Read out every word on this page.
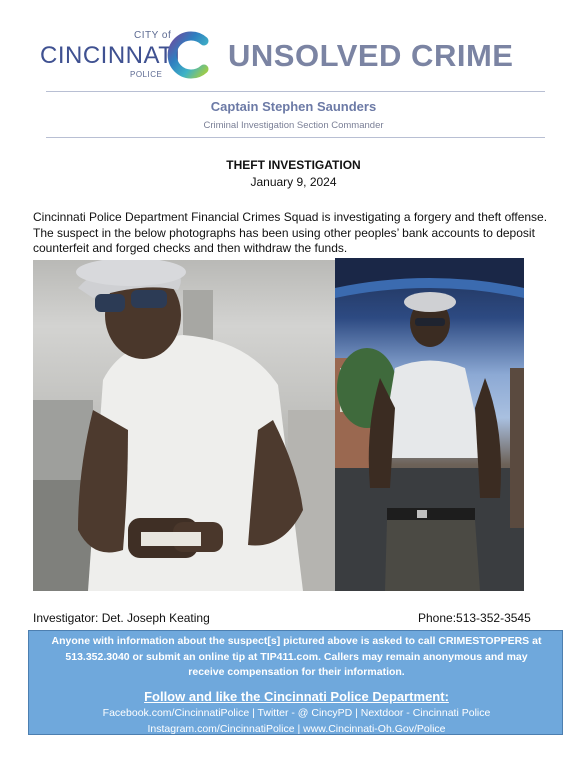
CITY of
CINCINNATI
POLICE
UNSOLVED CRIME
Captain Stephen Saunders
Criminal Investigation Section Commander
THEFT INVESTIGATION
January 9, 2024
Cincinnati Police Department Financial Crimes Squad is investigating a forgery and theft offense. The suspect in the below photographs has been using other peoples’ bank accounts to deposit counterfeit and forged checks and then withdraw the funds.
Investigator: Det. Joseph Keating	Phone:513-352-3545
Anyone with information about the suspect[s] pictured above is asked to call CRIMESTOPPERS at 513.352.3040 or submit an online tip at TIP411.com. Callers may remain anonymous and may receive compensation for their information.
Follow and like the Cincinnati Police Department:
Facebook.com/CincinnatiPolice | Twitter - @ CincyPD | Nextdoor - Cincinnati Police
Instagram.com/CincinnatiPolice | www.Cincinnati-Oh.Gov/Police
